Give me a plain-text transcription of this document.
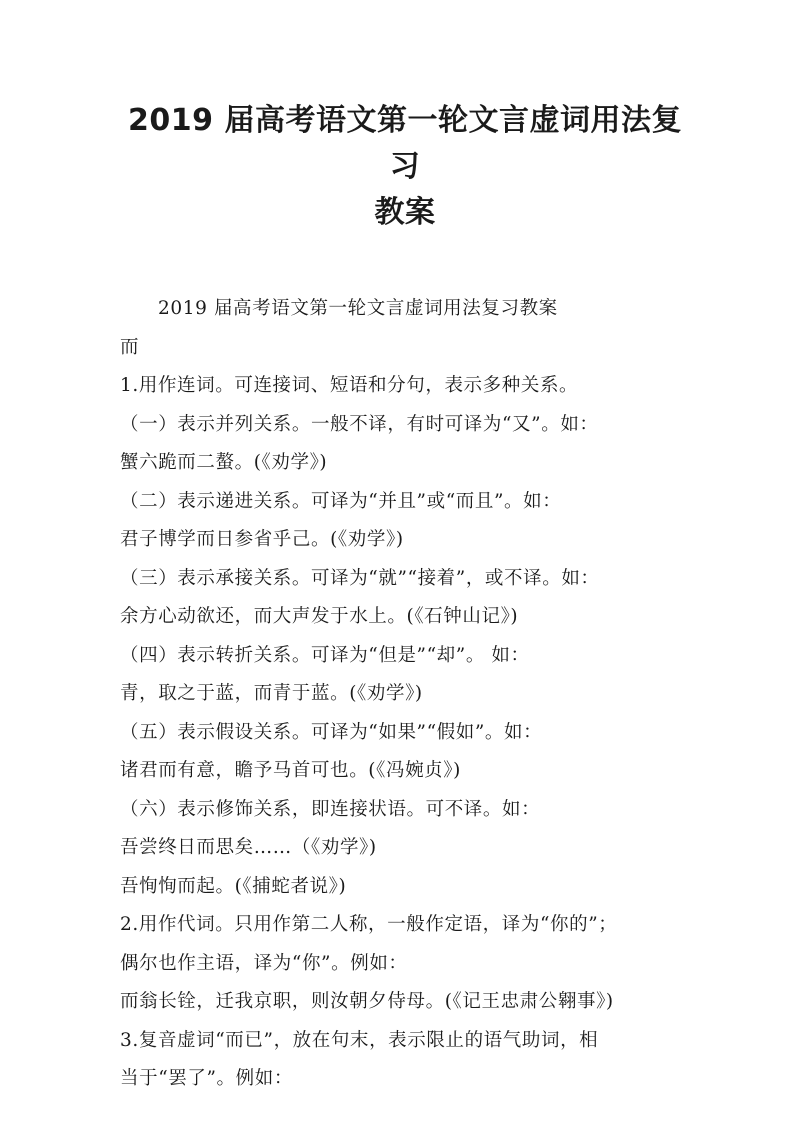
2019 届高考语文第一轮文言虚词用法复习
教案
2019 届高考语文第一轮文言虚词用法复习教案
而
1.用作连词。可连接词、短语和分句，表示多种关系。
（一）表示并列关系。一般不译，有时可译为“又”。如：
蟹六跪而二螯。(《劝学》)
（二）表示递进关系。可译为“并且”或“而且”。如：
君子博学而日参省乎己。(《劝学》)
（三）表示承接关系。可译为“就”“接着”，或不译。如：
余方心动欲还，而大声发于水上。(《石钟山记》)
（四）表示转折关系。可译为“但是”“却”。 如：
青，取之于蓝，而青于蓝。(《劝学》)
（五）表示假设关系。可译为“如果”“假如”。如：
诸君而有意，瞻予马首可也。(《冯婉贞》)
（六）表示修饰关系，即连接状语。可不译。如：
吾尝终日而思矣……（《劝学》)
吾恂恂而起。(《捕蛇者说》)
2.用作代词。只用作第二人称，一般作定语，译为“你的”；
偶尔也作主语，译为“你”。例如：
而翁长铨，迁我京职，则汝朝夕侍母。(《记王忠肃公翱事》)
3.复音虚词“而已”，放在句末，表示限止的语气助词，相
当于“罢了”。例如：
